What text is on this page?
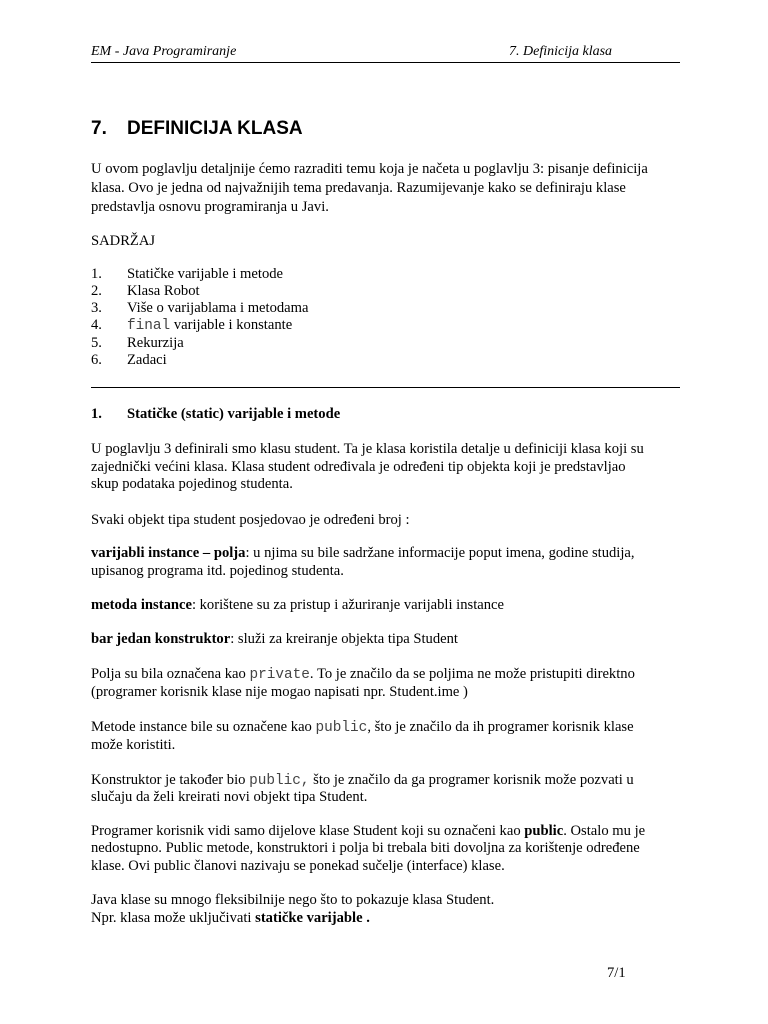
EM - Java Programiranje	7. Definicija klasa
7. DEFINICIJA KLASA
U ovom poglavlju detaljnije ćemo razraditi temu koja je načeta u poglavlju 3: pisanje definicija
klasa. Ovo je jedna od najvažnijih tema predavanja. Razumijevanje kako se definiraju klase
predstavlja osnovu programiranja u Javi.
SADRŽAJ
1. Statičke varijable i metode
2. Klasa Robot
3. Više o varijablama i metodama
4. final varijable i konstante
5. Rekurzija
6. Zadaci
1. Statičke (static) varijable i metode
U poglavlju 3 definirali smo klasu student. Ta je klasa koristila detalje u definiciji klasa koji su
zajednički većini klasa. Klasa student određivala je određeni tip objekta koji je predstavljao
skup podataka pojedinog studenta.
Svaki objekt tipa student posjedovao je određeni broj :
varijabli instance – polja: u njima su bile sadržane informacije poput imena, godine studija,
upisanog programa itd. pojedinog studenta.
metoda instance: korištene su za pristup i ažuriranje varijabli instance
bar jedan konstruktor: služi za kreiranje objekta tipa Student
Polja su bila označena kao private. To je značilo da se poljima ne može pristupiti direktno
(programer korisnik klase nije mogao napisati npr. Student.ime )
Metode instance bile su označene kao public, što je značilo da ih programer korisnik klase
može koristiti.
Konstruktor je također bio public, što je značilo da ga programer korisnik može pozvati u
slučaju da želi kreirati novi objekt tipa Student.
Programer korisnik vidi samo dijelove klase Student koji su označeni kao public. Ostalo mu je
nedostupno. Public metode, konstruktori i polja bi trebala biti dovoljna za korištenje određene
klase. Ovi public članovi nazivaju se ponekad sučelje (interface) klase.
Java klase su mnogo fleksibilnije nego što to pokazuje klasa Student.
Npr. klasa može uključivati statičke varijable .
7/1
